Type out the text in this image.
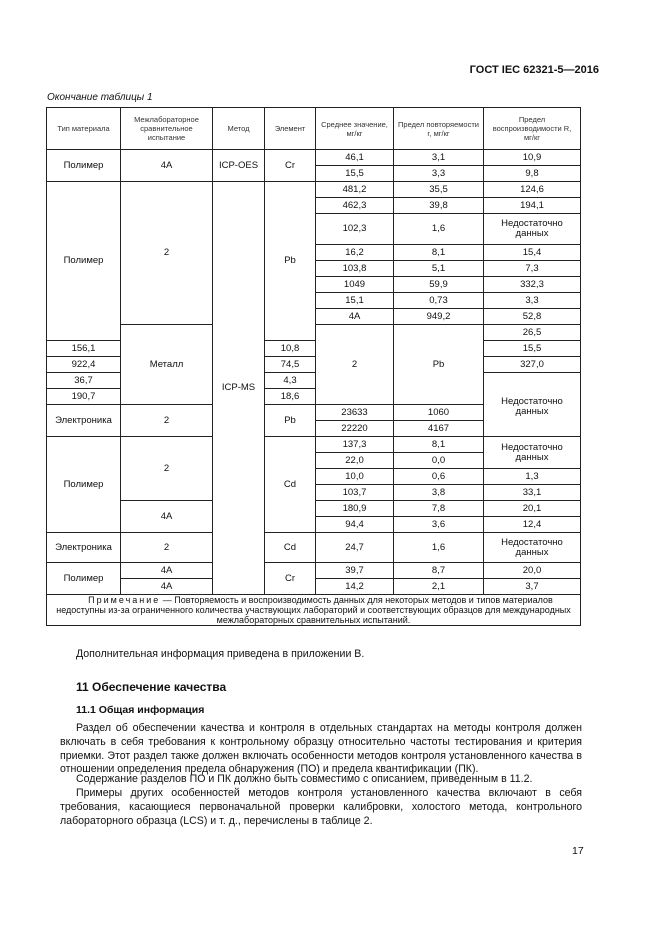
ГОСТ IEC 62321-5—2016
Окончание таблицы 1
Тип материала	Межлабораторное сравнительное испытание	Метод	Элемент	Среднее значение, мг/кг	Предел повторяемости r, мг/кг	Предел воспроизводимости R, мг/кг	
Полимер	4A	ICP-OES	Cr	46,1	3,1	10,9	
				15,5	3,3	9,8	
Полимер	2	ICP-MS	Pb	481,2	35,5	124,6	
				462,3	39,8	194,1	
				102,3	1,6	Недостаточно данных	
				16,2	8,1	15,4	
				103,8	5,1	7,3	
				1049	59,9	332,3	
				15,1	0,73	3,3	
				4A	949,2	52,8	
	Металл			2	Pb	26,5		
156,1			10,8			15,5	
922,4			74,5			327,0	
36,7			4,3			Недостаточно данных	
190,7			18,6				
Электроника	2		Pb	23633	1060		
				22220	4167	
Полимер	2		Cd	137,3	8,1	Недостаточно данных	
				22,0	0,0		
				10,0	0,6	1,3	
				103,7	3,8	33,1	
	4A			180,9	7,8	20,1	
				94,4	3,6	12,4	
Электроника	2		Cd	24,7	1,6	Недостаточно данных	
Полимер	4A		Cr	39,7	8,7	20,0	
	4A			14,2	2,1	3,7	
Примечание — Повторяемость и воспроизводимость данных для некоторых методов и типов материалов недоступны из-за ограниченного количества участвующих лабораторий и соответствующих образцов для международных межлабораторных сравнительных испытаний.							

Дополнительная информация приведена в приложении В.

11 Обеспечение качества
11.1 Общая информация

Раздел об обеспечении качества и контроля в отдельных стандартах на методы контроля должен включать в себя требования к контрольному образцу относительно частоты тестирования и критерия приемки. Этот раздел также должен включать особенности методов контроля установленного качества в отношении определения предела обнаружения (ПО) и предела квантификации (ПК).

Содержание разделов ПО и ПК должно быть совместимо с описанием, приведенным в 11.2.

Примеры других особенностей методов контроля установленного качества включают в себя требования, касающиеся первоначальной проверки калибровки, холостого метода, контрольного лабораторного образца (LCS) и т. д., перечислены в таблице 2.

17
